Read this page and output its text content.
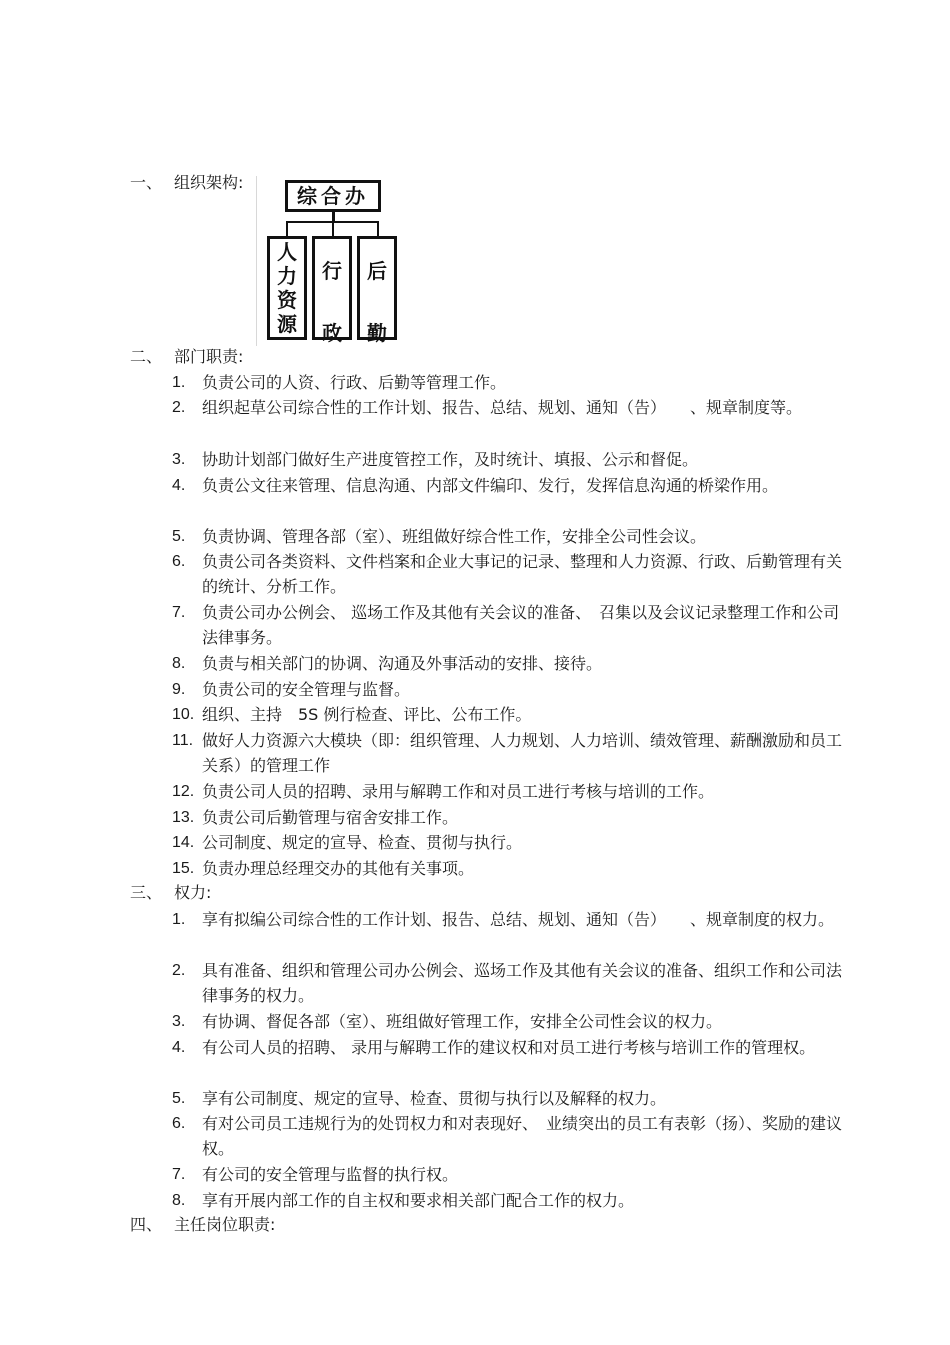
一、 组织架构:
综合办
人力资源
行政
后勤
二、 部门职责:
1.	负责公司的人资、行政、后勤等管理工作。
2.	组织起草公司综合性的工作计划、报告、总结、规划、通知（告）　　、规章制度等。
3.	协助计划部门做好生产进度管控工作，及时统计、填报、公示和督促。
4.	负责公文往来管理、信息沟通、内部文件编印、发行，发挥信息沟通的桥梁作用。
5.	负责协调、管理各部（室）、班组做好综合性工作，安排全公司性会议。
6.	负责公司各类资料、文件档案和企业大事记的记录、整理和人力资源、行政、后勤管理有关的统计、分析工作。
7.	负责公司办公例会、 巡场工作及其他有关会议的准备、　召集以及会议记录整理工作和公司法律事务。
8.	负责与相关部门的协调、沟通及外事活动的安排、接待。
9.	负责公司的安全管理与监督。
10. 组织、主持　5S 例行检查、评比、公布工作。
11. 做好人力资源六大模块（即：组织管理、人力规划、人力培训、绩效管理、薪酬激励和员工关系）的管理工作
12. 负责公司人员的招聘、录用与解聘工作和对员工进行考核与培训的工作。
13. 负责公司后勤管理与宿舍安排工作。
14. 公司制度、规定的宣导、检查、贯彻与执行。
15. 负责办理总经理交办的其他有关事项。
三、 权力:
1.	享有拟编公司综合性的工作计划、报告、总结、规划、通知（告）　　、规章制度的权力。
2.	具有准备、组织和管理公司办公例会、巡场工作及其他有关会议的准备、组织工作和公司法律事务的权力。
3.	有协调、督促各部（室）、班组做好管理工作，安排全公司性会议的权力。
4.	有公司人员的招聘、 录用与解聘工作的建议权和对员工进行考核与培训工作的管理权。
5.	享有公司制度、规定的宣导、检查、贯彻与执行以及解释的权力。
6.	有对公司员工违规行为的处罚权力和对表现好、　业绩突出的员工有表彰（扬）、奖励的建议权。
7.	有公司的安全管理与监督的执行权。
8.	享有开展内部工作的自主权和要求相关部门配合工作的权力。
四、 主任岗位职责:
